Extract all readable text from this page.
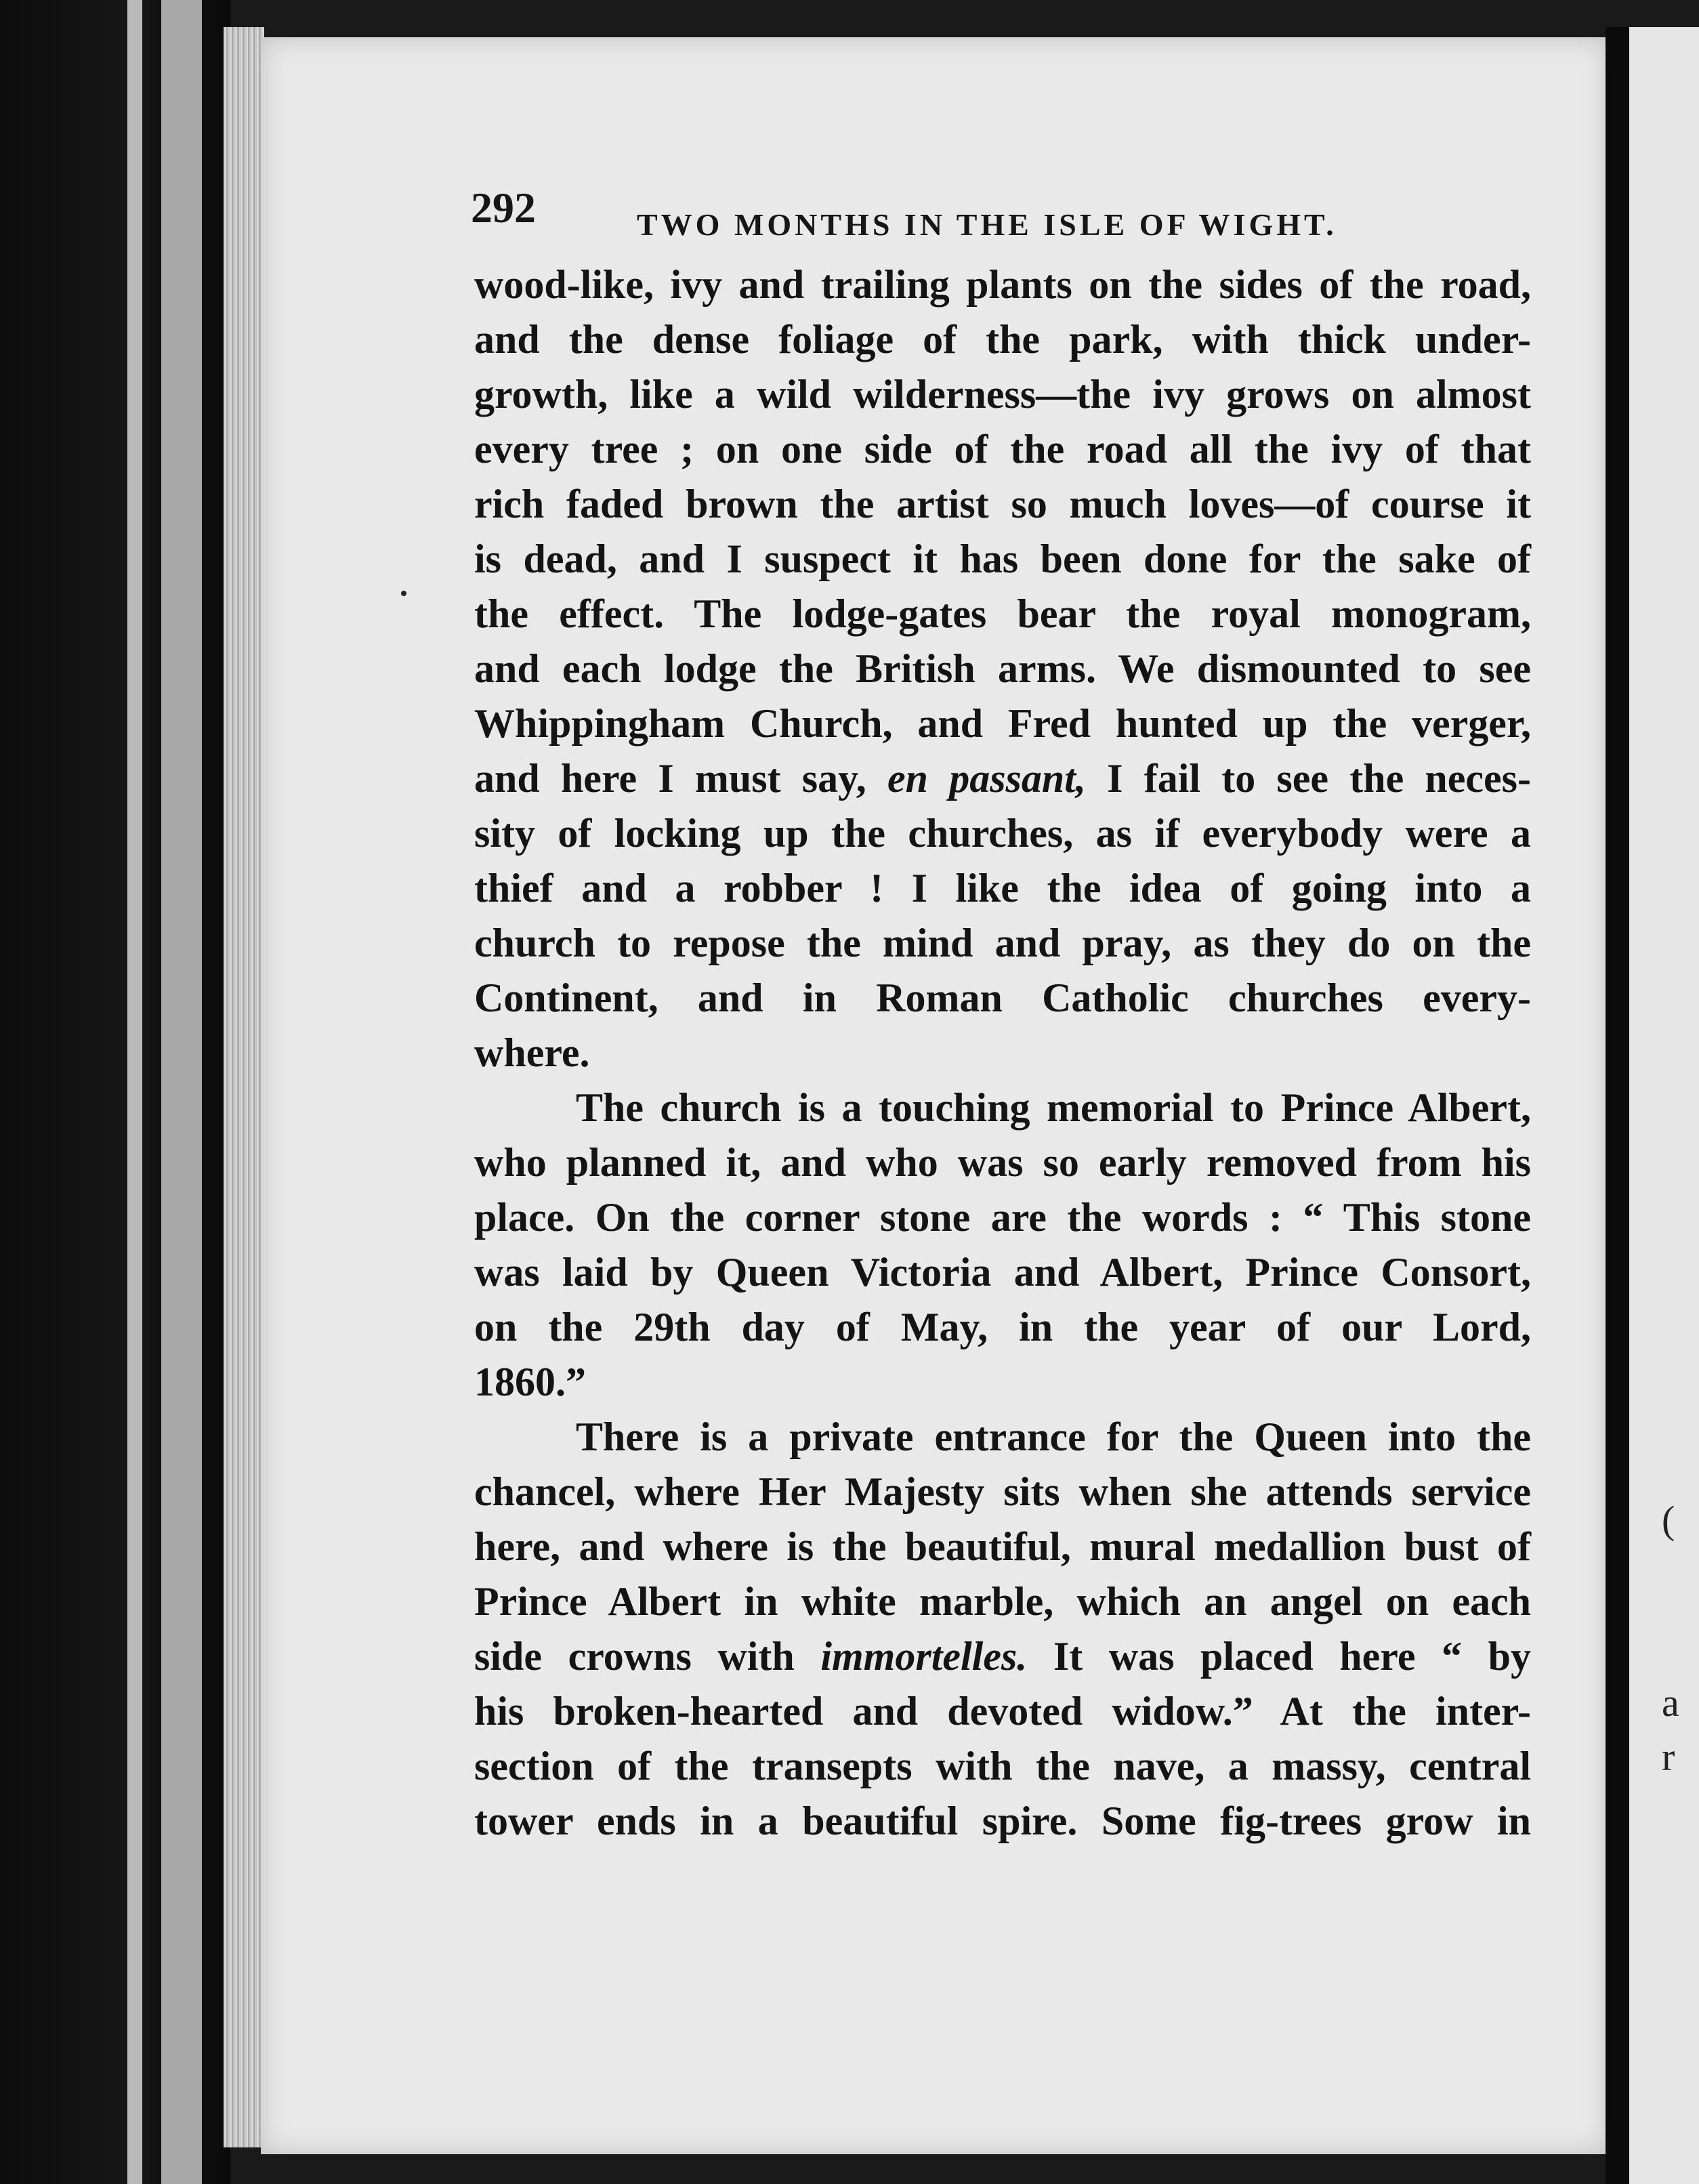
(
a
r
292	TWO MONTHS IN THE ISLE OF WIGHT.
wood-like, ivy and trailing plants on the sides of the road,
and the dense foliage of the park, with thick under-
growth, like a wild wilderness—the ivy grows on almost
every tree ; on one side of the road all the ivy of that
rich faded brown the artist so much loves—of course it
is dead, and I suspect it has been done for the sake of
the effect. The lodge-gates bear the royal monogram,
and each lodge the British arms. We dismounted to see
Whippingham Church, and Fred hunted up the verger,
and here I must say, en passant, I fail to see the neces-
sity of locking up the churches, as if everybody were a
thief and a robber ! I like the idea of going into a
church to repose the mind and pray, as they do on the
Continent, and in Roman Catholic churches every-
where.
The church is a touching memorial to Prince Albert,
who planned it, and who was so early removed from his
place. On the corner stone are the words : “ This stone
was laid by Queen Victoria and Albert, Prince Consort,
on the 29th day of May, in the year of our Lord,
1860.”
There is a private entrance for the Queen into the
chancel, where Her Majesty sits when she attends service
here, and where is the beautiful, mural medallion bust of
Prince Albert in white marble, which an angel on each
side crowns with immortelles. It was placed here “ by
his broken-hearted and devoted widow.” At the inter-
section of the transepts with the nave, a massy, central
tower ends in a beautiful spire. Some fig-trees grow in
